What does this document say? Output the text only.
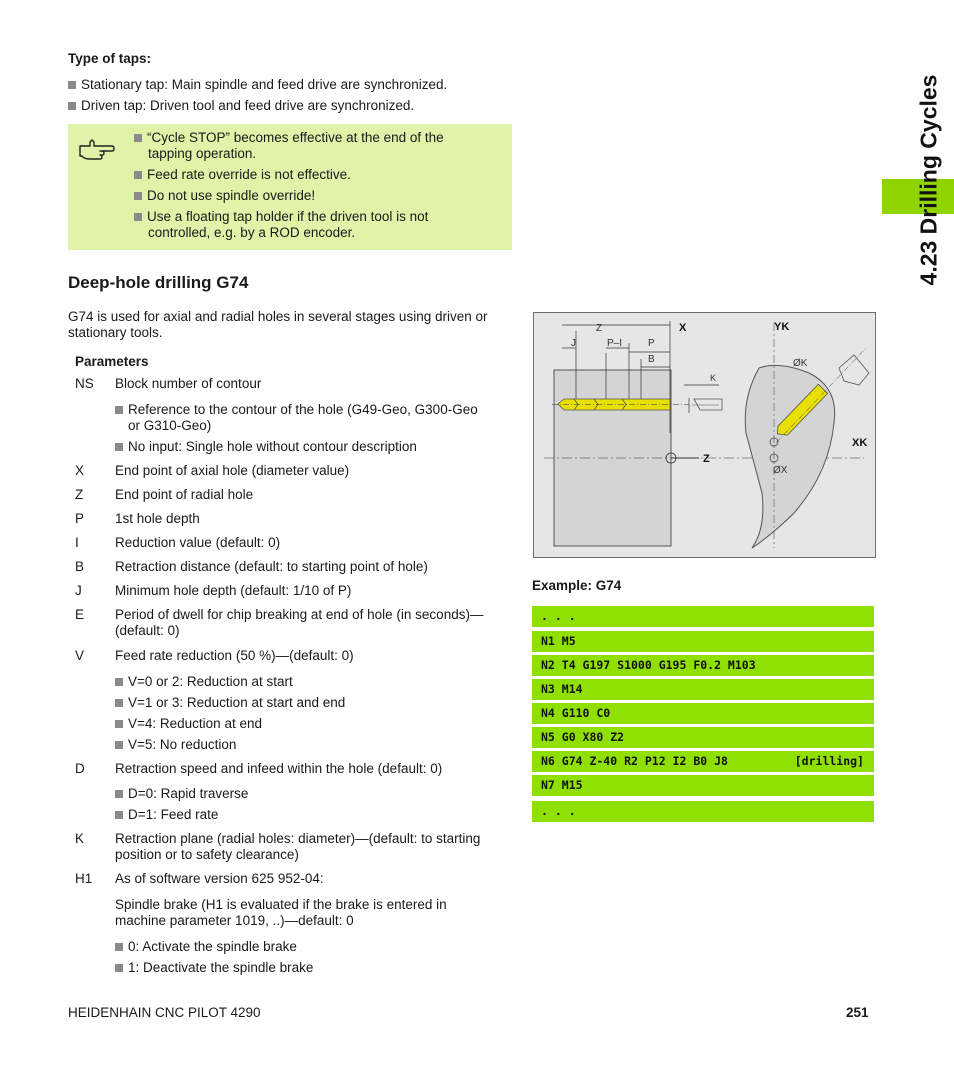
Type of taps:
Stationary tap: Main spindle and feed drive are synchronized.
Driven tap: Driven tool and feed drive are synchronized.
“Cycle STOP” becomes effective at the end of the
tapping operation.
Feed rate override is not effective.
Do not use spindle override!
Use a floating tap holder if the driven tool is not
controlled, e.g. by a ROD encoder.
Deep-hole drilling G74
G74 is used for axial and radial holes in several stages using driven or
stationary tools.
Parameters
NS Block number of contour
Reference to the contour of the hole (G49-Geo, G300-Geo
or G310-Geo)
No input: Single hole without contour description
X End point of axial hole (diameter value)
Z End point of radial hole
P 1st hole depth
I	Reduction value (default: 0)
B Retraction distance (default: to starting point of hole)
J Minimum hole depth (default: 1/10 of P)
E Period of dwell for chip breaking at end of hole (in seconds)—
(default: 0)
V Feed rate reduction (50 %)—(default: 0)
V=0 or 2: Reduction at start
V=1 or 3: Reduction at start and end
V=4: Reduction at end
V=5: No reduction
D Retraction speed and infeed within the hole (default: 0)
D=0: Rapid traverse
D=1: Feed rate
K Retraction plane (radial holes: diameter)—(default: to starting
position or to safety clearance)
H1 As of software version 625 952-04:
Spindle brake (H1 is evaluated if the brake is entered in
machine parameter 1019, ..)—default: 0
0: Activate the spindle brake
1: Deactivate the spindle brake
Z	X	YK
J	P–I	P
B
K
ØK
ØX
Z
XK
Example: G74
. . .
N1 M5
N2 T4 G197 S1000 G195 F0.2 M103
N3 M14
N4 G110 C0
N5 G0 X80 Z2
N6 G74 Z-40 R2 P12 I2 B0 J8	[drilling]
N7 M15
. . .
4.23 Drilling Cycles
HEIDENHAIN CNC PILOT 4290	251
